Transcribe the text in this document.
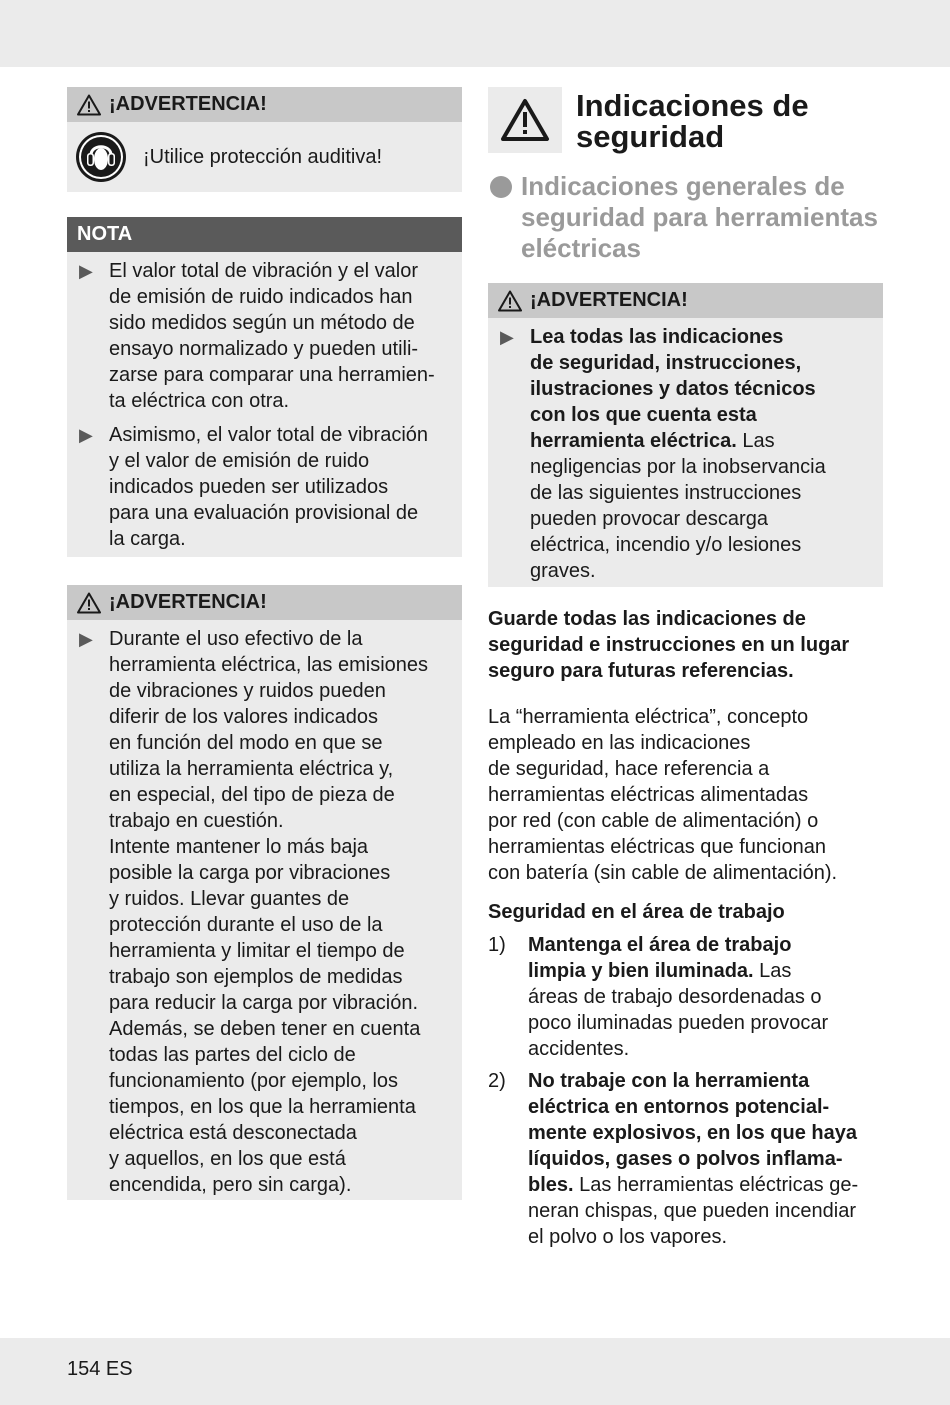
¡ADVERTENCIA!
¡Utilice protección auditiva!
NOTA
▶ El valor total de vibración y el valor
de emisión de ruido indicados han
sido medidos según un método de
ensayo normalizado y pueden utili-
zarse para comparar una herramien-
ta eléctrica con otra.
▶ Asimismo, el valor total de vibración
y el valor de emisión de ruido
indicados pueden ser utilizados
para una evaluación provisional de
la carga.
¡ADVERTENCIA!
▶ Durante el uso efectivo de la
herramienta eléctrica, las emisiones
de vibraciones y ruidos pueden
diferir de los valores indicados
en función del modo en que se
utiliza la herramienta eléctrica y,
en especial, del tipo de pieza de
trabajo en cuestión.
Intente mantener lo más baja
posible la carga por vibraciones
y ruidos. Llevar guantes de
protección durante el uso de la
herramienta y limitar el tiempo de
trabajo son ejemplos de medidas
para reducir la carga por vibración.
Además, se deben tener en cuenta
todas las partes del ciclo de
funcionamiento (por ejemplo, los
tiempos, en los que la herramienta
eléctrica está desconectada
y aquellos, en los que está
encendida, pero sin carga).
Indicaciones de
seguridad
Indicaciones generales de
seguridad para herramientas
eléctricas
¡ADVERTENCIA!
▶ Lea todas las indicaciones
de seguridad, instrucciones,
ilustraciones y datos técnicos
con los que cuenta esta
herramienta eléctrica. Las
negligencias por la inobservancia
de las siguientes instrucciones
pueden provocar descarga
eléctrica, incendio y/o lesiones
graves.
Guarde todas las indicaciones de
seguridad e instrucciones en un lugar
seguro para futuras referencias.
La “herramienta eléctrica”, concepto
empleado en las indicaciones
de seguridad, hace referencia a
herramientas eléctricas alimentadas
por red (con cable de alimentación) o
herramientas eléctricas que funcionan
con batería (sin cable de alimentación).
Seguridad en el área de trabajo
1)	Mantenga el área de trabajo
limpia y bien iluminada. Las
áreas de trabajo desordenadas o
poco iluminadas pueden provocar
accidentes.
2)	No trabaje con la herramienta
eléctrica en entornos potencial-
mente explosivos, en los que haya
líquidos, gases o polvos inflama-
bles. Las herramientas eléctricas ge-
neran chispas, que pueden incendiar
el polvo o los vapores.
154 ES
